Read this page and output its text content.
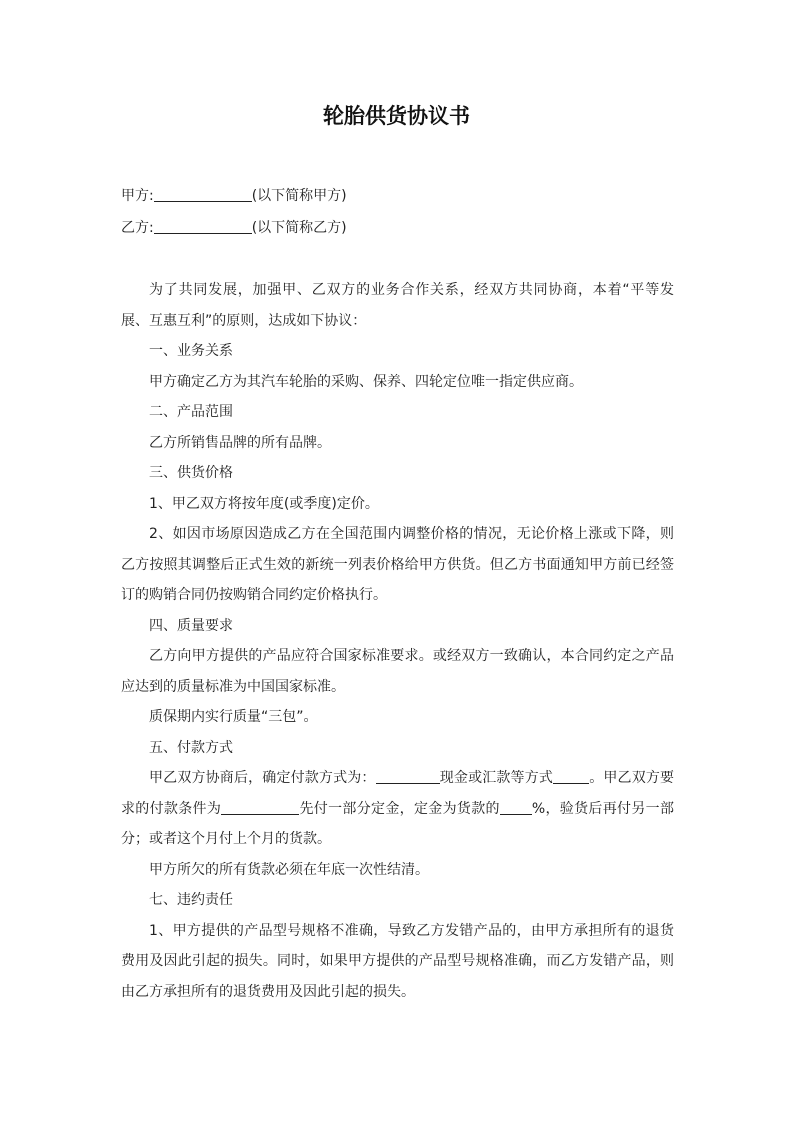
轮胎供货协议书
甲方:	(以下简称甲方)
乙方:	(以下简称乙方)

为了共同发展，加强甲、乙双方的业务合作关系，经双方共同协商，本着“平等发展、互惠互利”的原则，达成如下协议：

一、业务关系

甲方确定乙方为其汽车轮胎的采购、保养、四轮定位唯一指定供应商。

二、产品范围

乙方所销售品牌的所有品牌。

三、供货价格

1、甲乙双方将按年度(或季度)定价。

2、如因市场原因造成乙方在全国范围内调整价格的情况，无论价格上涨或下降，则乙方按照其调整后正式生效的新统一列表价格给甲方供货。但乙方书面通知甲方前已经签订的购销合同仍按购销合同约定价格执行。

四、质量要求

乙方向甲方提供的产品应符合国家标准要求。或经双方一致确认，本合同约定之产品应达到的质量标准为中国国家标准。

质保期内实行质量“三包”。

五、付款方式

甲乙双方协商后，确定付款方式为：	现金或汇款等方式	。甲乙双方要求的付款条件为	先付一部分定金，定金为货款的 %，验货后再付另一部分；或者这个月付上个月的货款。

甲方所欠的所有货款必须在年底一次性结清。

七、违约责任

1、甲方提供的产品型号规格不准确，导致乙方发错产品的，由甲方承担所有的退货费用及因此引起的损失。同时，如果甲方提供的产品型号规格准确，而乙方发错产品，则由乙方承担所有的退货费用及因此引起的损失。
